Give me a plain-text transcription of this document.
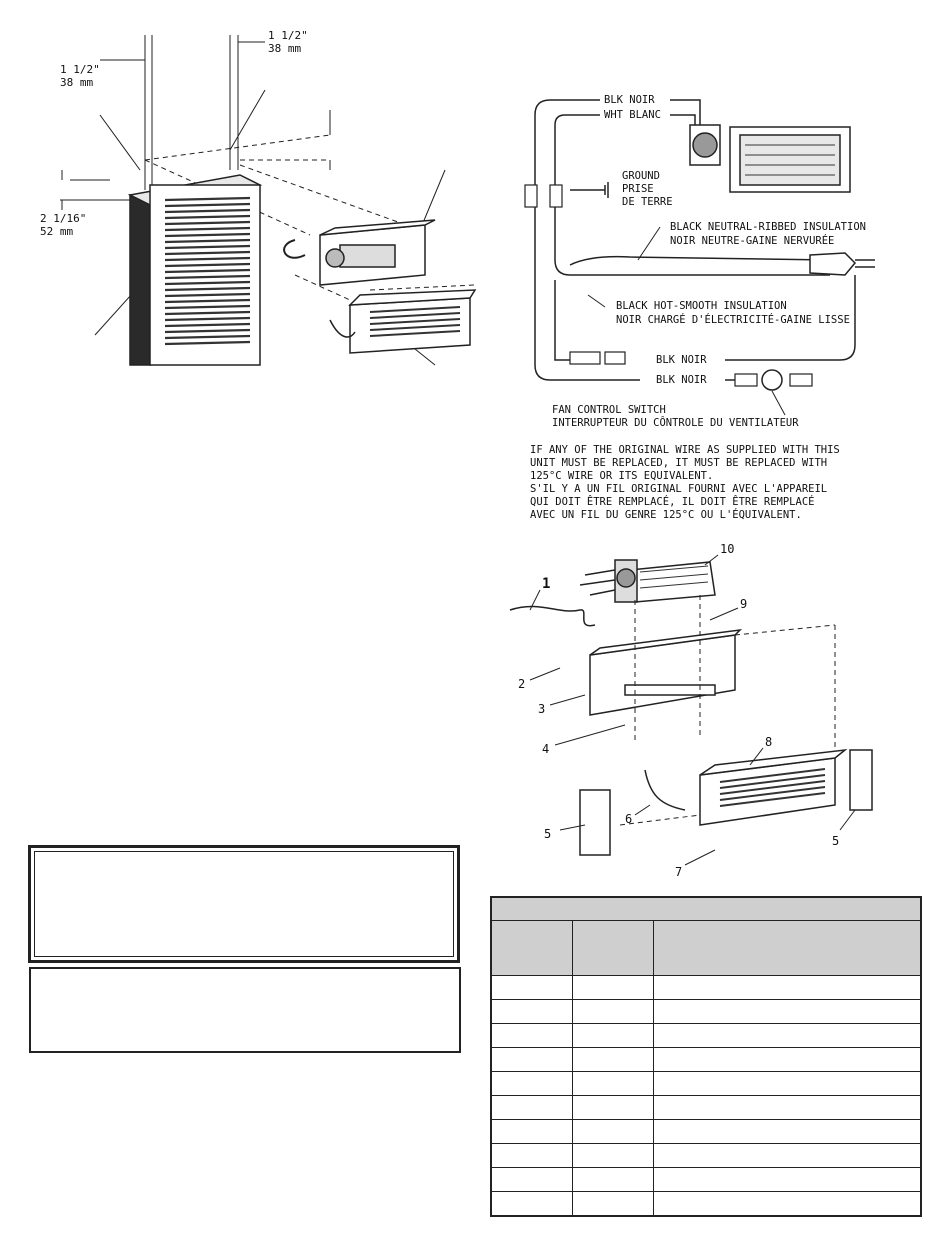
1 1/2"
38 mm
1 1/2"
38 mm
2 1/16"
52 mm
BLK NOIR
WHT BLANC
GROUND
PRISE
DE TERRE
BLACK NEUTRAL-RIBBED INSULATION
NOIR NEUTRE-GAINE NERVURÉE
BLACK HOT-SMOOTH INSULATION
NOIR CHARGÉ D'ÉLECTRICITÉ-GAINE LISSE
BLK NOIR
BLK NOIR
FAN CONTROL SWITCH
INTERRUPTEUR DU CÔNTROLE DU VENTILATEUR
IF ANY OF THE ORIGINAL WIRE AS SUPPLIED WITH THIS
UNIT MUST BE REPLACED, IT MUST BE REPLACED WITH
125°C WIRE OR ITS EQUIVALENT.
S'IL Y A UN FIL ORIGINAL FOURNI AVEC L'APPAREIL
QUI DOIT ÊTRE REMPLACÉ, IL DOIT ÊTRE REMPLACÉ
AVEC UN FIL DU GENRE 125°C OU L'ÉQUIVALENT.
1
2
3
4
5
6
7
8
9
10
5
